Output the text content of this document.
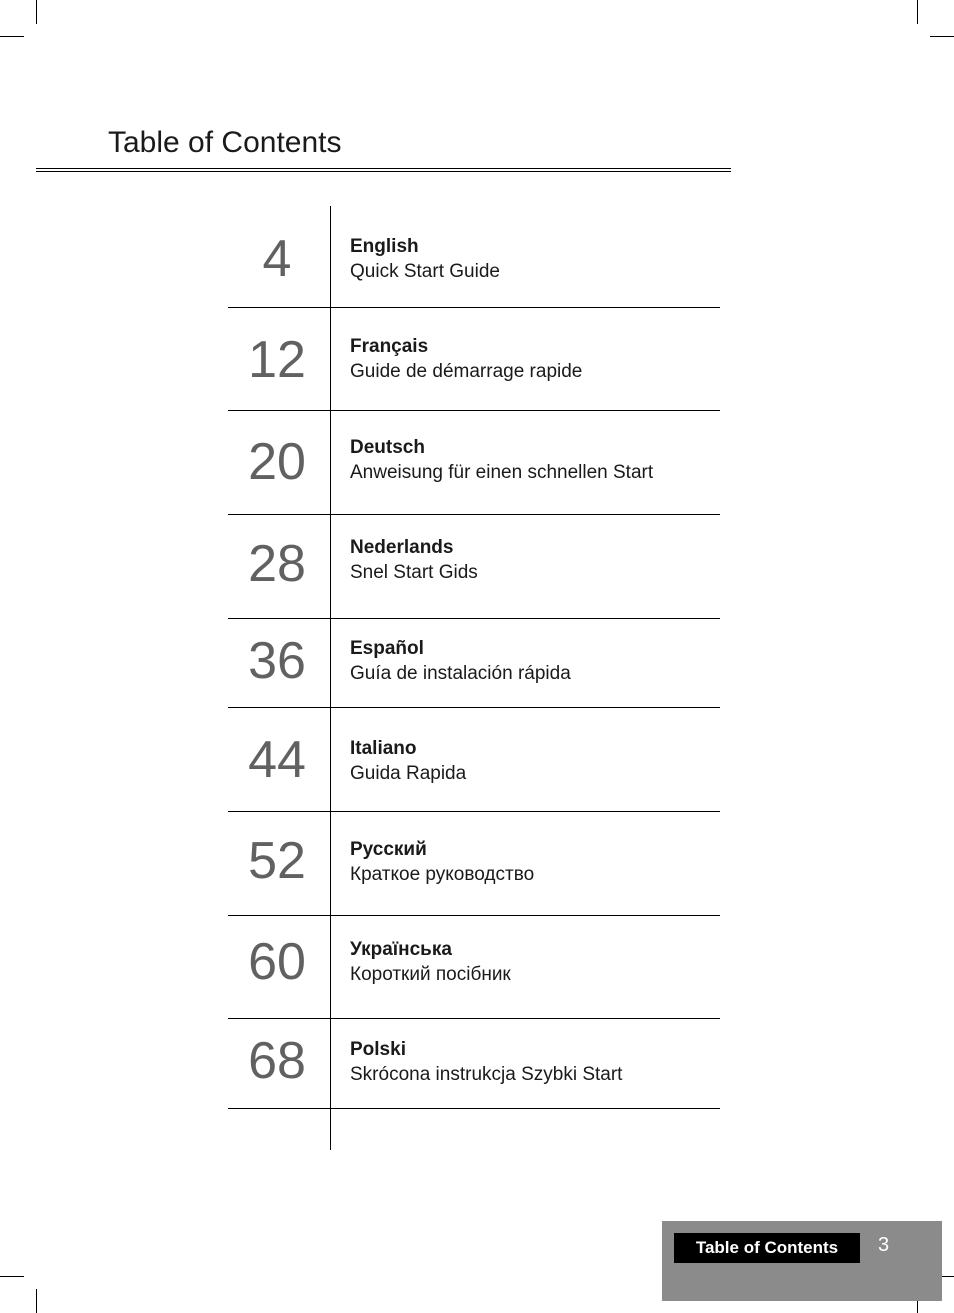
Table of Contents
4	English
Quick Start Guide
12	Français
Guide de démarrage rapide
20	Deutsch
Anweisung für einen schnellen Start
28	Nederlands
Snel Start Gids
36	Español
Guía de instalación rápida
44	Italiano
Guida Rapida
52	Русский
Краткое руководство
60	Українська
Короткий посібник
68	Polski
Skrócona instrukcja Szybki Start
Table of Contents	3
